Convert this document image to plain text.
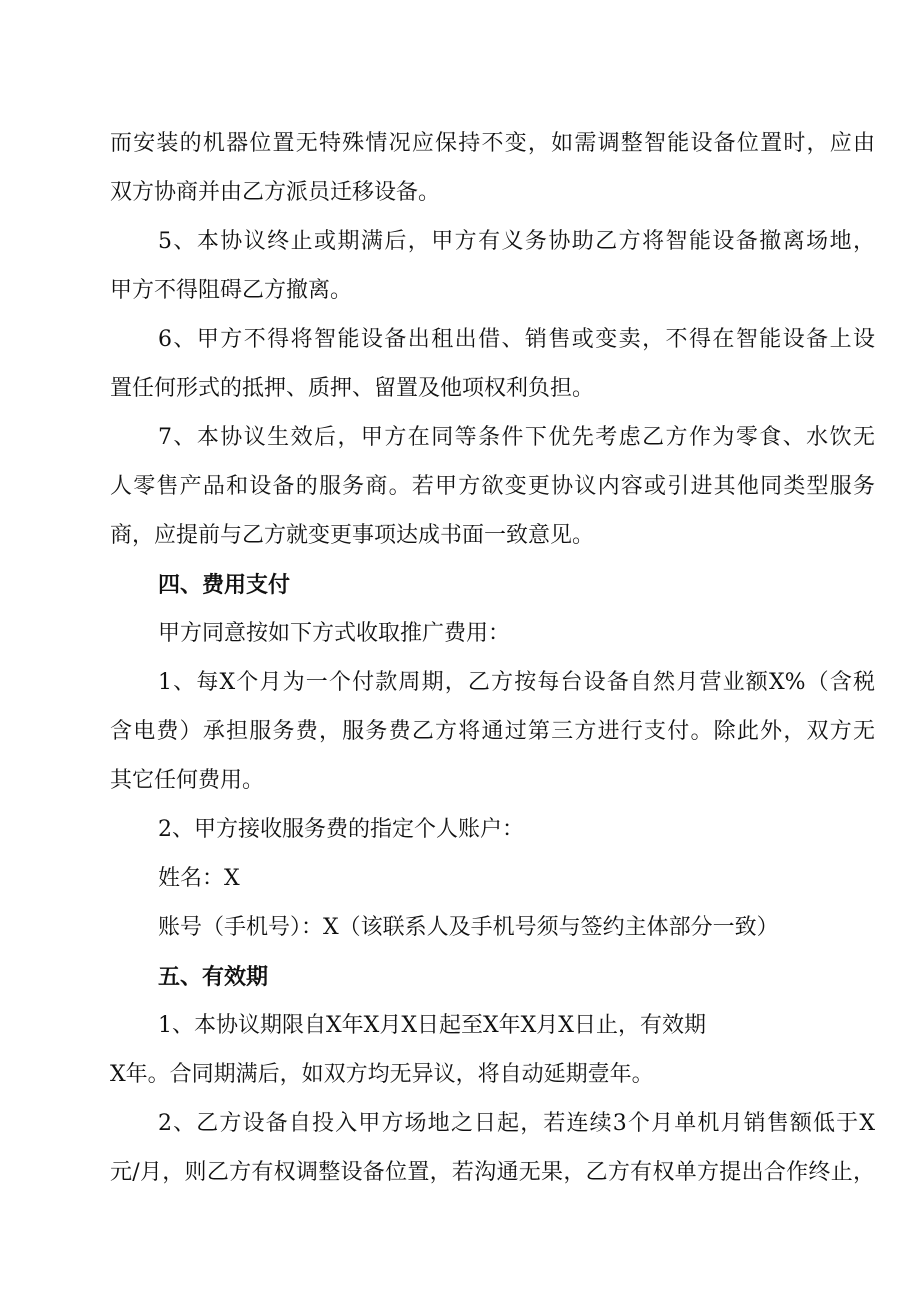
而安装的机器位置无特殊情况应保持不变，如需调整智能设备位置时，应由
双方协商并由乙方派员迁移设备。
5、本协议终止或期满后，甲方有义务协助乙方将智能设备撤离场地，
甲方不得阻碍乙方撤离。
6、甲方不得将智能设备出租出借、销售或变卖，不得在智能设备上设
置任何形式的抵押、质押、留置及他项权利负担。
7、本协议生效后，甲方在同等条件下优先考虑乙方作为零食、水饮无
人零售产品和设备的服务商。若甲方欲变更协议内容或引进其他同类型服务
商，应提前与乙方就变更事项达成书面一致意见。
四、费用支付
甲方同意按如下方式收取推广费用：
1、每X个月为一个付款周期，乙方按每台设备自然月营业额X%（含税
含电费）承担服务费，服务费乙方将通过第三方进行支付。除此外，双方无
其它任何费用。
2、甲方接收服务费的指定个人账户：
姓名：X
账号（手机号）：X（该联系人及手机号须与签约主体部分一致）
五、有效期
1、本协议期限自X年X月X日起至X年X月X日止，有效期
X年。合同期满后，如双方均无异议，将自动延期壹年。
2、乙方设备自投入甲方场地之日起，若连续3个月单机月销售额低于X
元/月，则乙方有权调整设备位置，若沟通无果，乙方有权单方提出合作终止，
